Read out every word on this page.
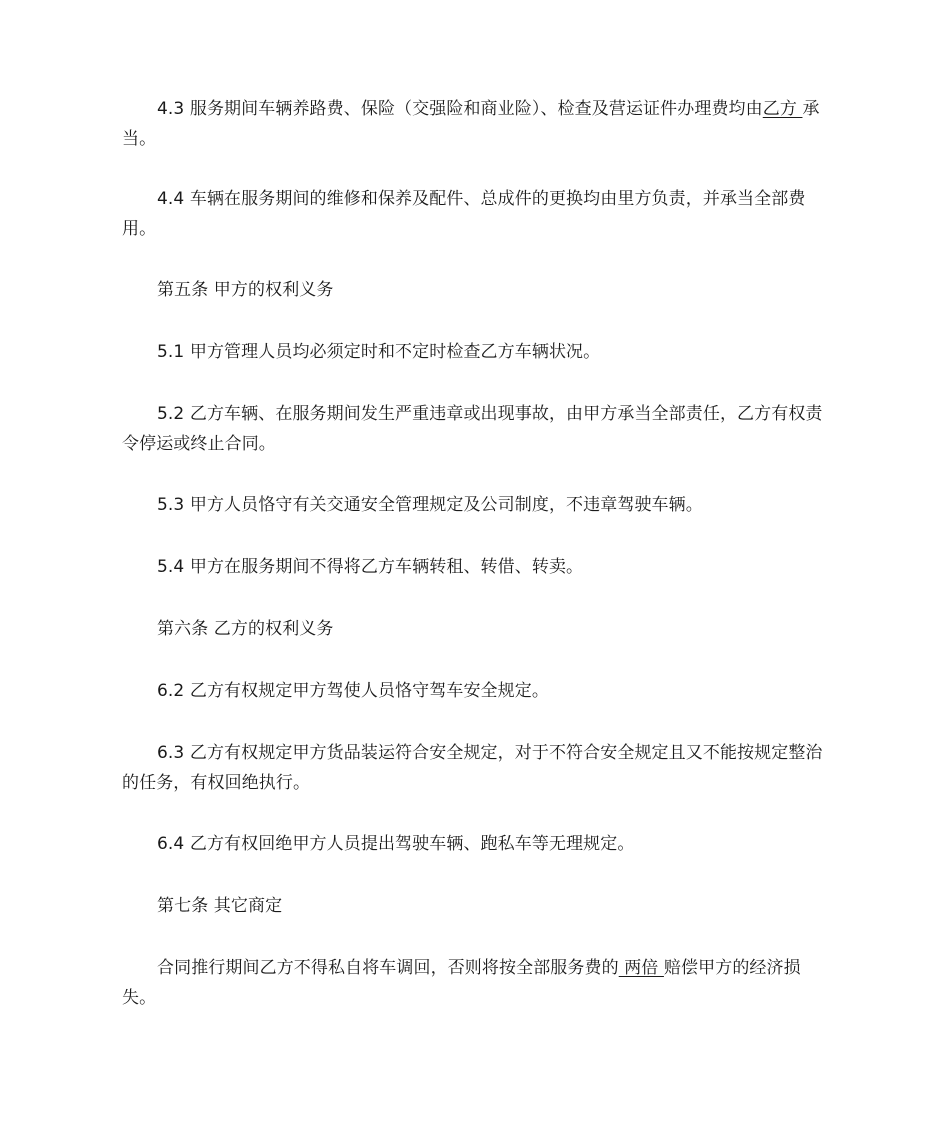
4.3 服务期间车辆养路费、保险（交强险和商业险）、检查及营运证件办理费均由乙方 承当。
4.4 车辆在服务期间的维修和保养及配件、总成件的更换均由里方负责，并承当全部费用。
第五条 甲方的权利义务
5.1 甲方管理人员均必须定时和不定时检查乙方车辆状况。
5.2 乙方车辆、在服务期间发生严重违章或出现事故，由甲方承当全部责任，乙方有权责令停运或终止合同。
5.3 甲方人员恪守有关交通安全管理规定及公司制度，不违章驾驶车辆。
5.4 甲方在服务期间不得将乙方车辆转租、转借、转卖。
第六条 乙方的权利义务
6.2 乙方有权规定甲方驾使人员恪守驾车安全规定。
6.3 乙方有权规定甲方货品装运符合安全规定，对于不符合安全规定且又不能按规定整治的任务，有权回绝执行。
6.4 乙方有权回绝甲方人员提出驾驶车辆、跑私车等无理规定。
第七条 其它商定
合同推行期间乙方不得私自将车调回，否则将按全部服务费的 两倍 赔偿甲方的经济损失。
